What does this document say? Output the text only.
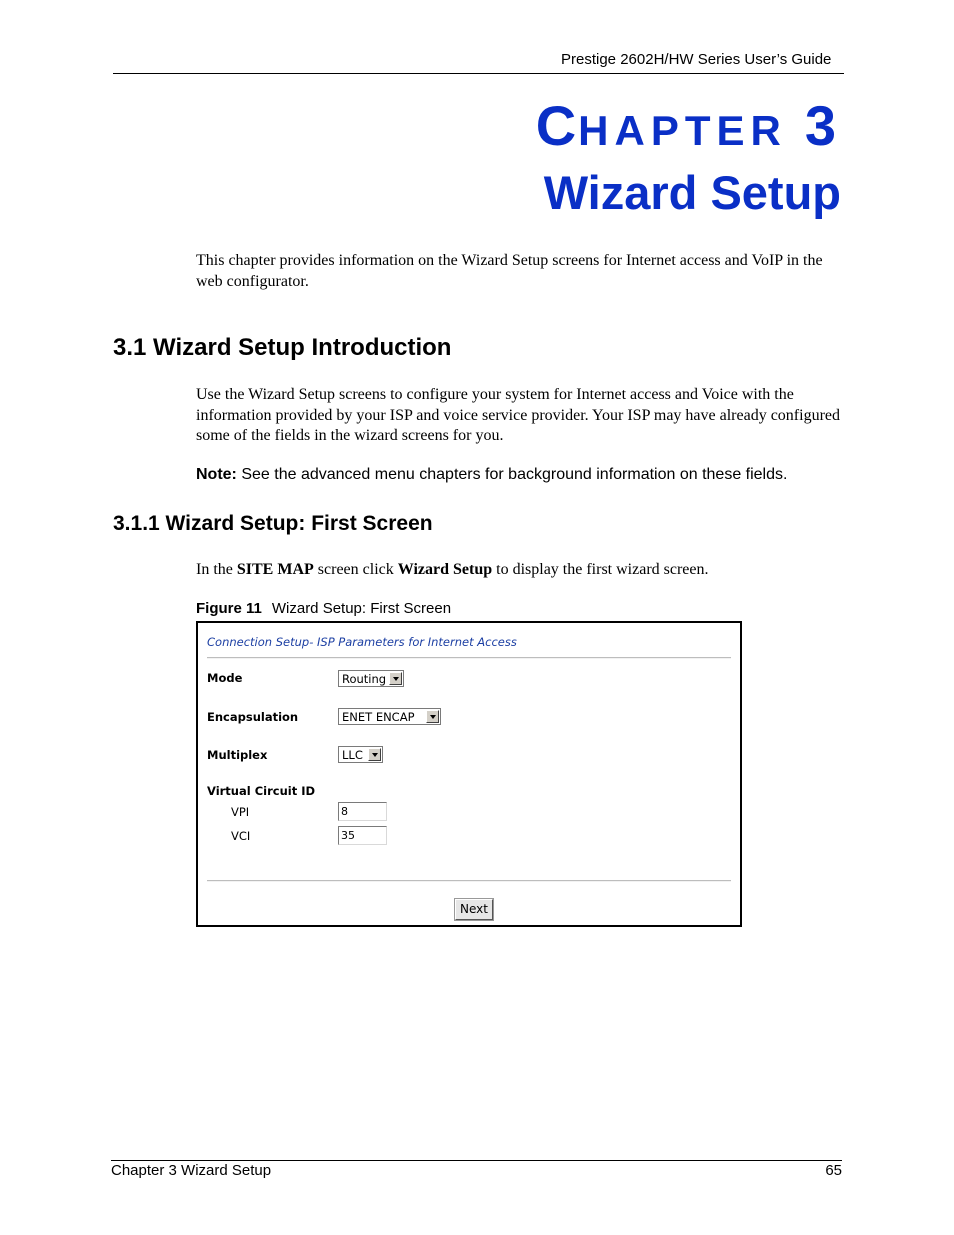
Prestige 2602H/HW Series User’s Guide
CHAPTER 3
Wizard Setup
This chapter provides information on the Wizard Setup screens for Internet access and VoIP in the web configurator.
3.1 Wizard Setup Introduction
Use the Wizard Setup screens to configure your system for Internet access and Voice with the information provided by your ISP and voice service provider. Your ISP may have already configured some of the fields in the wizard screens for you.
Note: See the advanced menu chapters for background information on these fields.
3.1.1 Wizard Setup: First Screen
In the SITE MAP screen click Wizard Setup to display the first wizard screen.
Figure 11 Wizard Setup: First Screen
Connection Setup- ISP Parameters for Internet Access
Mode	Routing
Encapsulation	ENET ENCAP
Multiplex	LLC
Virtual Circuit ID
VPI	8
VCI	35
Next
Chapter 3 Wizard Setup	65
